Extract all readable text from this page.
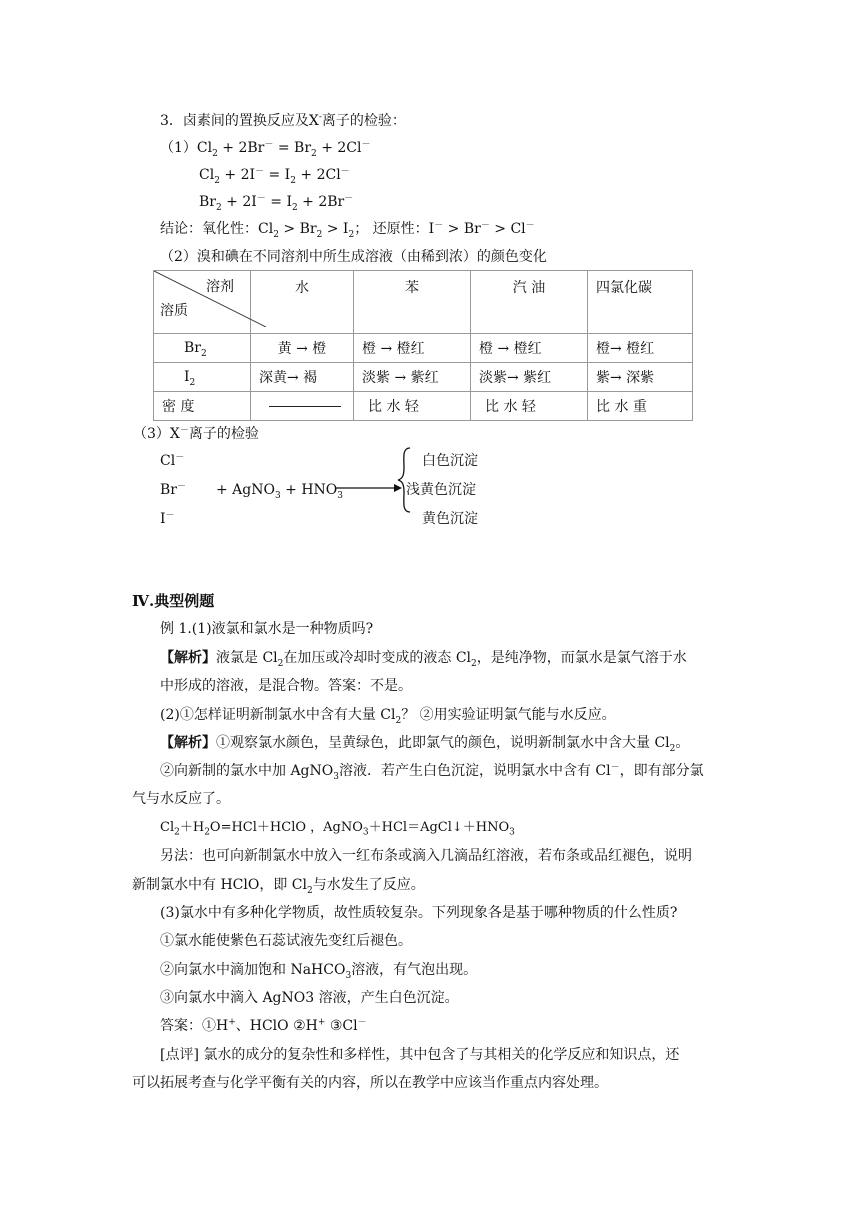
3．卤素间的置换反应及X-离子的检验：
$(1)Cl_2 + 2Br^- = Br_2 + 2Cl^-$
$Cl_2 + 2I^- = I_2 + 2Cl^-$
$Br_2 + 2I^- = I_2 + 2Br^-$
结论：氧化性：$Cl_2 > Br_2 > I_2$； 还原性：I－ > Br－ > Cl－
（2）溴和碘在不同溶剂中所生成溶液（由稀到浓）的颜色变化
溶剂
溶质	水	苯	汽 油	四氯化碳
$Br_2$	黄 → 橙	橙 → 橙红	橙 → 橙红	橙→ 橙红
$I_2$	深黄→ 褐	淡紫 → 紫红	淡紫→ 紫红	紫→ 深紫
密 度		比 水 轻	比 水 轻	比 水 重
（3）X－离子的检验
Cl－
Br－
I－
+ AgNO$_3$ + $HNO_3$
白色沉淀
浅黄色沉淀
黄色沉淀
Ⅳ.典型例题
例 1.(1)液氯和氯水是一种物质吗?
【解析】液氯是 $Cl_2$在加压或冷却时变成的液态 $Cl_2$，是纯净物，而氯水是氯气溶于水
中形成的溶液，是混合物。答案：不是。
(2)①怎样证明新制氯水中含有大量 $Cl_2$？ ②用实验证明氯气能与水反应。
【解析】①观察氯水颜色，呈黄绿色，此即氯气的颜色，说明新制氯水中含大量 $Cl_2$。
②向新制的氯水中加 AgNO$_3$溶液．若产生白色沉淀，说明氯水中含有 Cl－，即有部分氯
气与水反应了。
$Cl_2+H_2O=HCl+HClO$ ，$AgNO_3+HCl=AgCl↓+HNO_3$
另法：也可向新制氯水中放入一红布条或滴入几滴品红溶液，若布条或品红褪色，说明
新制氯水中有 HClO，即 $Cl_2$与水发生了反应。
(3)氯水中有多种化学物质，故性质较复杂。下列现象各是基于哪种物质的什么性质?
①氯水能使紫色石蕊试液先变红后褪色。
②向氯水中滴加饱和 NaHCO$_3$溶液，有气泡出现。
③向氯水中滴入 AgNO3 溶液，产生白色沉淀。
答案：①H+、HClO ②H+ ③Cl－
[点评] 氯水的成分的复杂性和多样性，其中包含了与其相关的化学反应和知识点，还
可以拓展考查与化学平衡有关的内容，所以在教学中应该当作重点内容处理。
